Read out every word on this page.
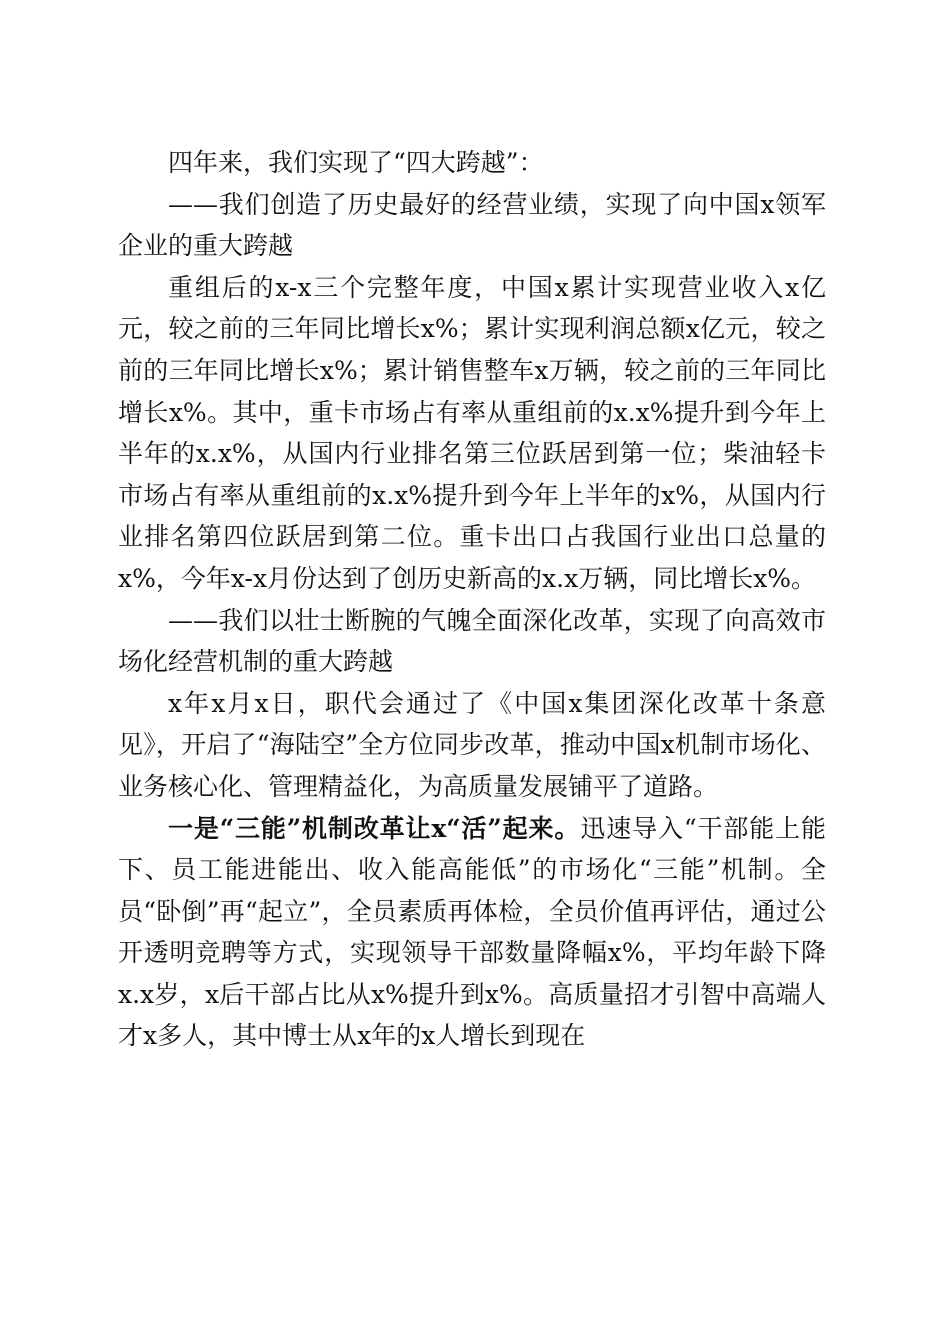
四年来，我们实现了“四大跨越”：

——我们创造了历史最好的经营业绩，实现了向中国x领军企业的重大跨越

重组后的x-x三个完整年度，中国x累计实现营业收入x亿元，较之前的三年同比增长x%；累计实现利润总额x亿元，较之前的三年同比增长x%；累计销售整车x万辆，较之前的三年同比增长x%。其中，重卡市场占有率从重组前的x.x%提升到今年上半年的x.x%，从国内行业排名第三位跃居到第一位；柴油轻卡市场占有率从重组前的x.x%提升到今年上半年的x%，从国内行业排名第四位跃居到第二位。重卡出口占我国行业出口总量的x%，今年x-x月份达到了创历史新高的x.x万辆，同比增长x%。

——我们以壮士断腕的气魄全面深化改革，实现了向高效市场化经营机制的重大跨越

x年x月x日，职代会通过了《中国x集团深化改革十条意见》，开启了“海陆空”全方位同步改革，推动中国x机制市场化、业务核心化、管理精益化，为高质量发展铺平了道路。

一是“三能”机制改革让x“活”起来。迅速导入“干部能上能下、员工能进能出、收入能高能低”的市场化“三能”机制。全员“卧倒”再“起立”，全员素质再体检，全员价值再评估，通过公开透明竞聘等方式，实现领导干部数量降幅x%，平均年龄下降x.x岁，x后干部占比从x%提升到x%。高质量招才引智中高端人才x多人，其中博士从x年的x人增长到现在
